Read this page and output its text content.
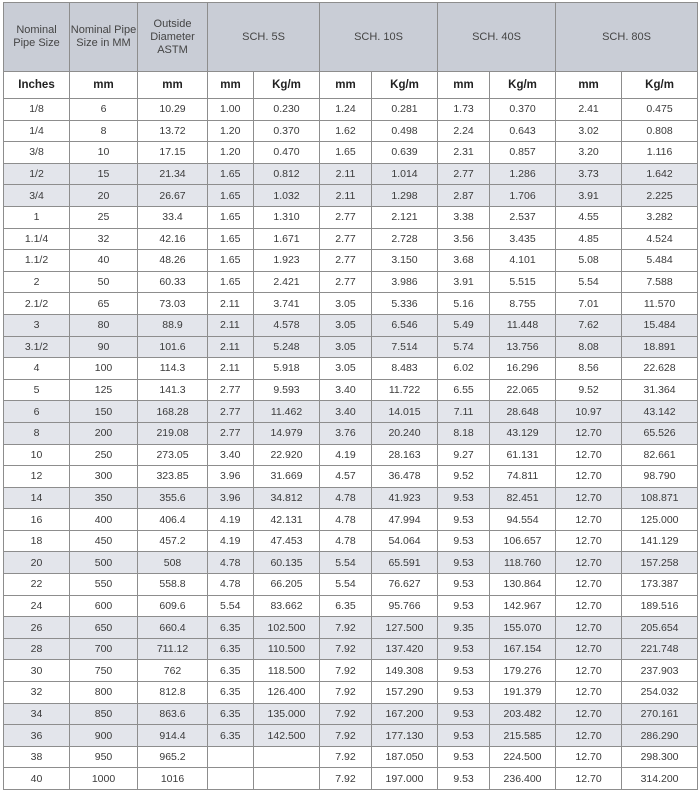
Nominal Pipe Size	Nominal Pipe Size in MM	Outside Diameter ASTM	SCH. 5S		SCH. 10S		SCH. 40S		SCH. 80S	
Inches	mm	mm	mm	Kg/m	mm	Kg/m	mm	Kg/m	mm	Kg/m
1/8	6	10.29	1.00	0.230	1.24	0.281	1.73	0.370	2.41	0.475
1/4	8	13.72	1.20	0.370	1.62	0.498	2.24	0.643	3.02	0.808
3/8	10	17.15	1.20	0.470	1.65	0.639	2.31	0.857	3.20	1.116
1/2	15	21.34	1.65	0.812	2.11	1.014	2.77	1.286	3.73	1.642
3/4	20	26.67	1.65	1.032	2.11	1.298	2.87	1.706	3.91	2.225
1	25	33.4	1.65	1.310	2.77	2.121	3.38	2.537	4.55	3.282
1.1/4	32	42.16	1.65	1.671	2.77	2.728	3.56	3.435	4.85	4.524
1.1/2	40	48.26	1.65	1.923	2.77	3.150	3.68	4.101	5.08	5.484
2	50	60.33	1.65	2.421	2.77	3.986	3.91	5.515	5.54	7.588
2.1/2	65	73.03	2.11	3.741	3.05	5.336	5.16	8.755	7.01	11.570
3	80	88.9	2.11	4.578	3.05	6.546	5.49	11.448	7.62	15.484
3.1/2	90	101.6	2.11	5.248	3.05	7.514	5.74	13.756	8.08	18.891
4	100	114.3	2.11	5.918	3.05	8.483	6.02	16.296	8.56	22.628
5	125	141.3	2.77	9.593	3.40	11.722	6.55	22.065	9.52	31.364
6	150	168.28	2.77	11.462	3.40	14.015	7.11	28.648	10.97	43.142
8	200	219.08	2.77	14.979	3.76	20.240	8.18	43.129	12.70	65.526
10	250	273.05	3.40	22.920	4.19	28.163	9.27	61.131	12.70	82.661
12	300	323.85	3.96	31.669	4.57	36.478	9.52	74.811	12.70	98.790
14	350	355.6	3.96	34.812	4.78	41.923	9.53	82.451	12.70	108.871
16	400	406.4	4.19	42.131	4.78	47.994	9.53	94.554	12.70	125.000
18	450	457.2	4.19	47.453	4.78	54.064	9.53	106.657	12.70	141.129
20	500	508	4.78	60.135	5.54	65.591	9.53	118.760	12.70	157.258
22	550	558.8	4.78	66.205	5.54	76.627	9.53	130.864	12.70	173.387
24	600	609.6	5.54	83.662	6.35	95.766	9.53	142.967	12.70	189.516
26	650	660.4	6.35	102.500	7.92	127.500	9.35	155.070	12.70	205.654
28	700	711.12	6.35	110.500	7.92	137.420	9.53	167.154	12.70	221.748
30	750	762	6.35	118.500	7.92	149.308	9.53	179.276	12.70	237.903
32	800	812.8	6.35	126.400	7.92	157.290	9.53	191.379	12.70	254.032
34	850	863.6	6.35	135.000	7.92	167.200	9.53	203.482	12.70	270.161
36	900	914.4	6.35	142.500	7.92	177.130	9.53	215.585	12.70	286.290
38	950	965.2			7.92	187.050	9.53	224.500	12.70	298.300
40	1000	1016			7.92	197.000	9.53	236.400	12.70	314.200
